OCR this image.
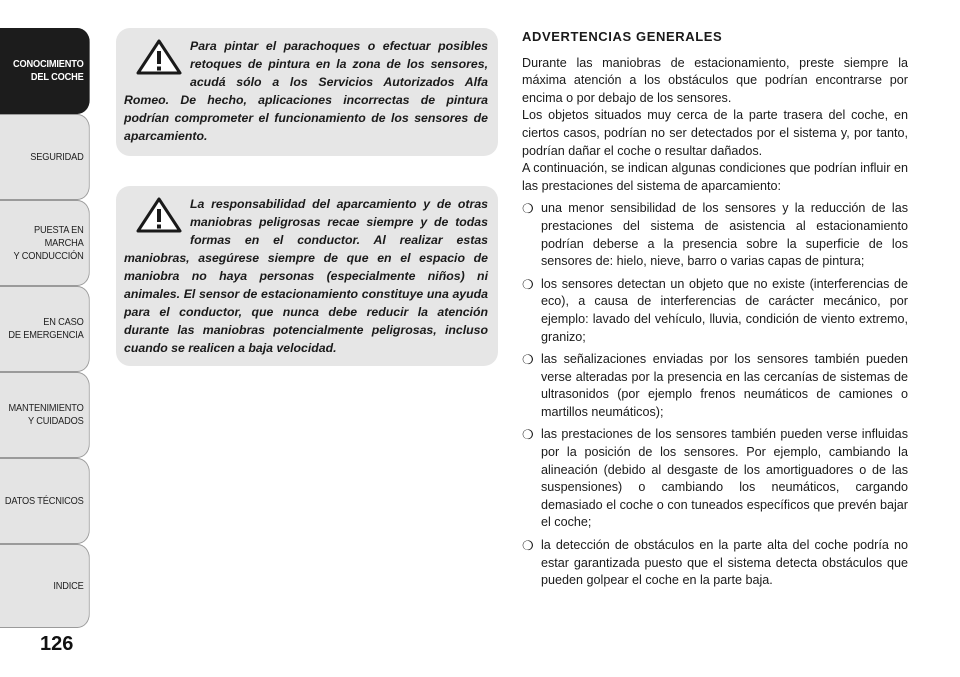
CONOCIMIENTO
DEL COCHE
SEGURIDAD
PUESTA EN MARCHA
Y CONDUCCIÓN
EN CASO
DE EMERGENCIA
MANTENIMIENTO
Y CUIDADOS
DATOS TÉCNICOS
INDICE
126
Para pintar el parachoques o efectuar posibles retoques de pintura en la zona de los sensores, acudá sólo a los Servicios Autorizados Alfa Romeo. De hecho, aplicaciones incorrectas de pintura podrían comprometer el funcionamiento de los sensores de aparcamiento.
La responsabilidad del aparcamiento y de otras maniobras peligrosas recae siempre y de todas formas en el conductor. Al realizar estas maniobras, asegúrese siempre de que en el espacio de maniobra no haya personas (especialmente niños) ni animales. El sensor de estacionamiento constituye una ayuda para el conductor, que nunca debe reducir la atención durante las maniobras potencialmente peligrosas, incluso cuando se realicen a baja velocidad.
ADVERTENCIAS GENERALES

Durante las maniobras de estacionamiento, preste siempre la máxima atención a los obstáculos que podrían encontrarse por encima o por debajo de los sensores.

Los objetos situados muy cerca de la parte trasera del coche, en ciertos casos, podrían no ser detectados por el sistema y, por tanto, podrían dañar el coche o resultar dañados.

A continuación, se indican algunas condiciones que podrían influir en las prestaciones del sistema de aparcamiento:

❍ una menor sensibilidad de los sensores y la reducción de las prestaciones del sistema de asistencia al estacionamiento podrían deberse a la presencia sobre la superficie de los sensores de: hielo, nieve, barro o varias capas de pintura;
❍ los sensores detectan un objeto que no existe (interferencias de eco), a causa de interferencias de carácter mecánico, por ejemplo: lavado del vehículo, lluvia, condición de viento extremo, granizo;
❍ las señalizaciones enviadas por los sensores también pueden verse alteradas por la presencia en las cercanías de sistemas de ultrasonidos (por ejemplo frenos neumáticos de camiones o martillos neumáticos);
❍ las prestaciones de los sensores también pueden verse influidas por la posición de los sensores. Por ejemplo, cambiando la alineación (debido al desgaste de los amortiguadores o de las suspensiones) o cambiando los neumáticos, cargando demasiado el coche o con tuneados específicos que prevén bajar el coche;
❍ la detección de obstáculos en la parte alta del coche podría no estar garantizada puesto que el sistema detecta obstáculos que pueden golpear el coche en la parte baja.
